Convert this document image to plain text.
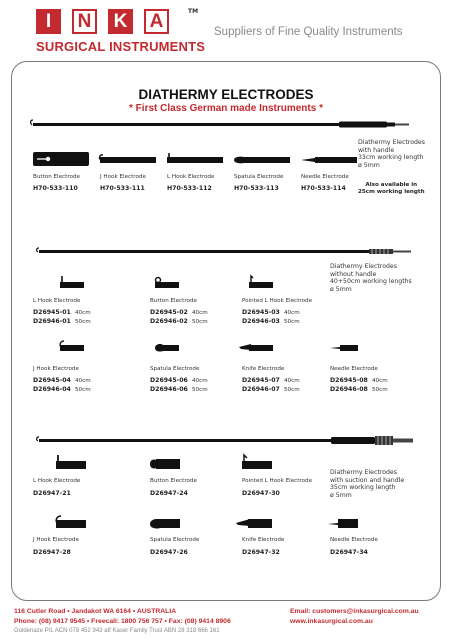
I	N K A	TM
SURGICAL INSTRUMENTS
Suppliers of Fine Quality Instruments
DIATHERMY ELECTRODES
* First Class German made Instruments *
Diathermy Electrodes
with handle
33cm working length
ø 5mm
Also available in
25cm working length
Button Electrode
H70-533-110
J Hook Electrode
H70-533-111
L Hook Electrode
H70-533-112
Spatula Electrode
H70-533-113
Needle Electrode
H70-533-114
Diathermy Electrodes
without handle
40+50cm working lengths
ø 5mm
L Hook Electrode
D26945-01 40cm
D26946-01 50cm
Button Electrode
D26945-02 40cm
D26946-02 50cm
Pointed L Hook Electrode
D26945-03 40cm
D26946-03 50cm
J Hook Electrode
D26945-04 40cm
D26946-04 50cm
Spatula Electrode
D26945-06 40cm
D26946-06 50cm
Knife Electrode
D26945-07 40cm
D26946-07 50cm
Needle Electrode
D26945-08 40cm
D26946-08 50cm
Diathermy Electrodes
with suction and handle
35cm working length
ø 5mm
L Hook Electrode
D26947-21
Button Electrode
D26947-24
Pointed L Hook Electrode
D26947-30
J Hook Electrode
D26947-28
Spatula Electrode
D26947-26
Knife Electrode
D26947-32
Needle Electrode
D26947-34
116 Cutler Road • Jandakot WA 6164 • AUSTRALIA
Phone: (08) 9417 9545 • Freecall: 1800 756 757 • Fax: (08) 9414 8906
Goldenaze P/L ACN 078 452 943 atf Kaser Family Trust ABN 28 318 666 161
Email: customers@inkasurgical.com.au
www.inkasurgical.com.au
